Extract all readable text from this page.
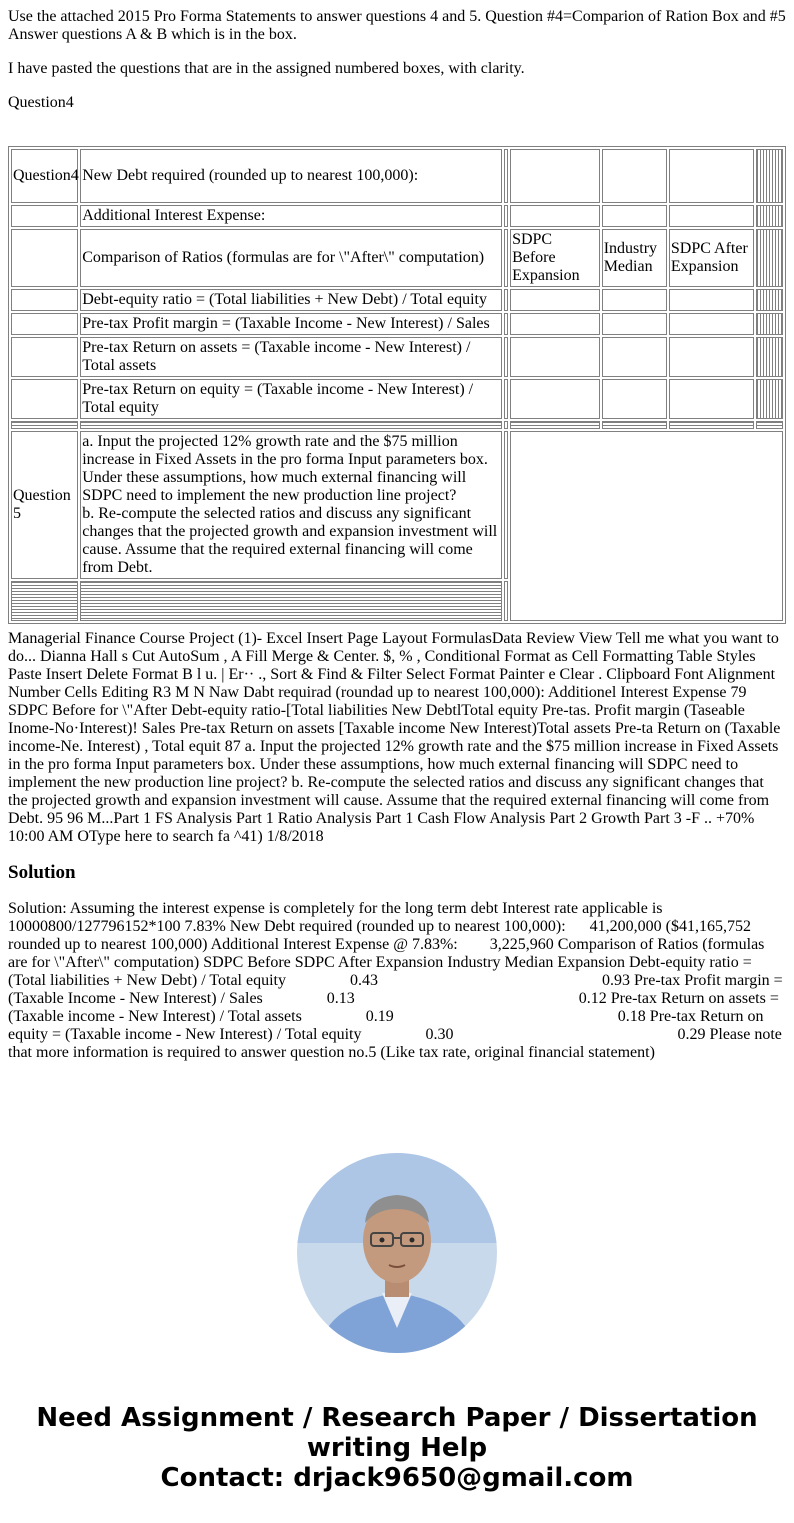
Use the attached 2015 Pro Forma Statements to answer questions 4 and 5. Question #4=Comparion of Ration Box and #5 Answer questions A & B which is in the box.

I have pasted the questions that are in the assigned numbered boxes, with clarity.

Question4

Question4	New Debt required (rounded up to nearest 100,000):					
	Additional Interest Expense:					
	Comparison of Ratios (formulas are for \"After\" computation)		SDPC Before Expansion	Industry Median	SDPC After Expansion	
	Debt-equity ratio = (Total liabilities + New Debt) / Total equity					
	Pre-tax Profit margin = (Taxable Income - New Interest) / Sales					
	Pre-tax Return on assets = (Taxable income - New Interest) / Total assets					
	Pre-tax Return on equity = (Taxable income - New Interest) / Total equity					

Question 5	a. Input the projected 12% growth rate and the $75 million increase in Fixed Assets in the pro forma Input parameters box. Under these assumptions, how much external financing will SDPC need to implement the new production line project?
b. Re-compute the selected ratios and discuss any significant changes that the projected growth and expansion investment will cause. Assume that the required external financing will come from Debt.					

Managerial Finance Course Project (1)- Excel Insert Page Layout FormulasData Review View Tell me what you want to do... Dianna Hall s Cut AutoSum , A Fill Merge & Center. $, % , Conditional Format as Cell Formatting Table Styles Paste Insert Delete Format B l u. | Er·· ., Sort & Find & Filter Select Format Painter e Clear . Clipboard Font Alignment Number Cells Editing R3 M N Naw Dabt requirad (roundad up to nearest 100,000): Additionel Interest Expense 79 SDPC Before for \"After Debt-equity ratio-[Total liabilities New DebtlTotal equity Pre-tas. Profit margin (Taseable Inome-No·Interest)! Sales Pre-tax Return on assets [Taxable income New Interest)Total assets Pre-ta Return on (Taxable income-Ne. Interest) , Total equit 87 a. Input the projected 12% growth rate and the $75 million increase in Fixed Assets in the pro forma Input parameters box. Under these assumptions, how much external financing will SDPC need to implement the new production line project? b. Re-compute the selected ratios and discuss any significant changes that the projected growth and expansion investment will cause. Assume that the required external financing will come from Debt. 95 96 M...Part 1 FS Analysis Part 1 Ratio Analysis Part 1 Cash Flow Analysis Part 2 Growth Part 3 -F .. +70% 10:00 AM OType here to search fa ^41) 1/8/2018
Solution
Solution: Assuming the interest expense is completely for the long term debt Interest rate applicable is 10000800/127796152*100 7.83% New Debt required (rounded up to nearest 100,000):      41,200,000 ($41,165,752 rounded up to nearest 100,000) Additional Interest Expense @ 7.83%:        3,225,960 Comparison of Ratios (formulas are for \"After\" computation) SDPC Before SDPC After Expansion Industry Median Expansion Debt-equity ratio = (Total liabilities + New Debt) / Total equity                0.43                                                        0.93 Pre-tax Profit margin = (Taxable Income - New Interest) / Sales                0.13                                                        0.12 Pre-tax Return on assets = (Taxable income - New Interest) / Total assets                0.19                                                        0.18 Pre-tax Return on equity = (Taxable income - New Interest) / Total equity                0.30                                                        0.29 Please note that more information is required to answer question no.5 (Like tax rate, original financial statement)
Need Assignment / Research Paper / Dissertation
writing Help
Contact: drjack9650@gmail.com
